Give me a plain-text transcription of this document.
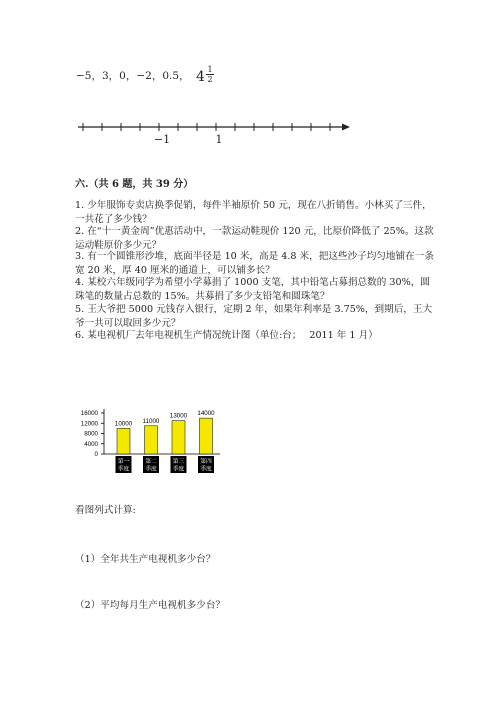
−5，3，0，−2，0.5， $4 \frac{1}{2}$
−1	1
六.（共 6 题，共 39 分）
1. 少年服饰专卖店换季促销，每件半袖原价 50 元，现在八折销售。小林买了三件，一共花了多少钱？
2. 在“十一黄金周”优惠活动中，一款运动鞋现价 120 元，比原价降低了 25%。这款运动鞋原价多少元？
3. 有一个圆锥形沙堆，底面半径是 10 米，高是 4.8 米，把这些沙子均匀地铺在一条宽 20 米，厚 40 厘米的通道上，可以铺多长？
4. 某校六年级同学为希望小学募捐了 1000 支笔，其中铅笔占募捐总数的 30%，圆珠笔的数量占总数的 15%。共募捐了多少支铅笔和圆珠笔？
5. 王大爷把 5000 元钱存入银行，定期 2 年，如果年利率是 3.75%，到期后，王大爷一共可以取回多少元？
6. 某电视机厂去年电视机生产情况统计图（单位:台；　 2011 年 1 月）
0
4000
8000
12000
16000
10000
第一
季度
11000
第二
季度
13000
第三
季度
14000
第四
季度
看图列式计算:
（1）全年共生产电视机多少台？
（2）平均每月生产电视机多少台？
